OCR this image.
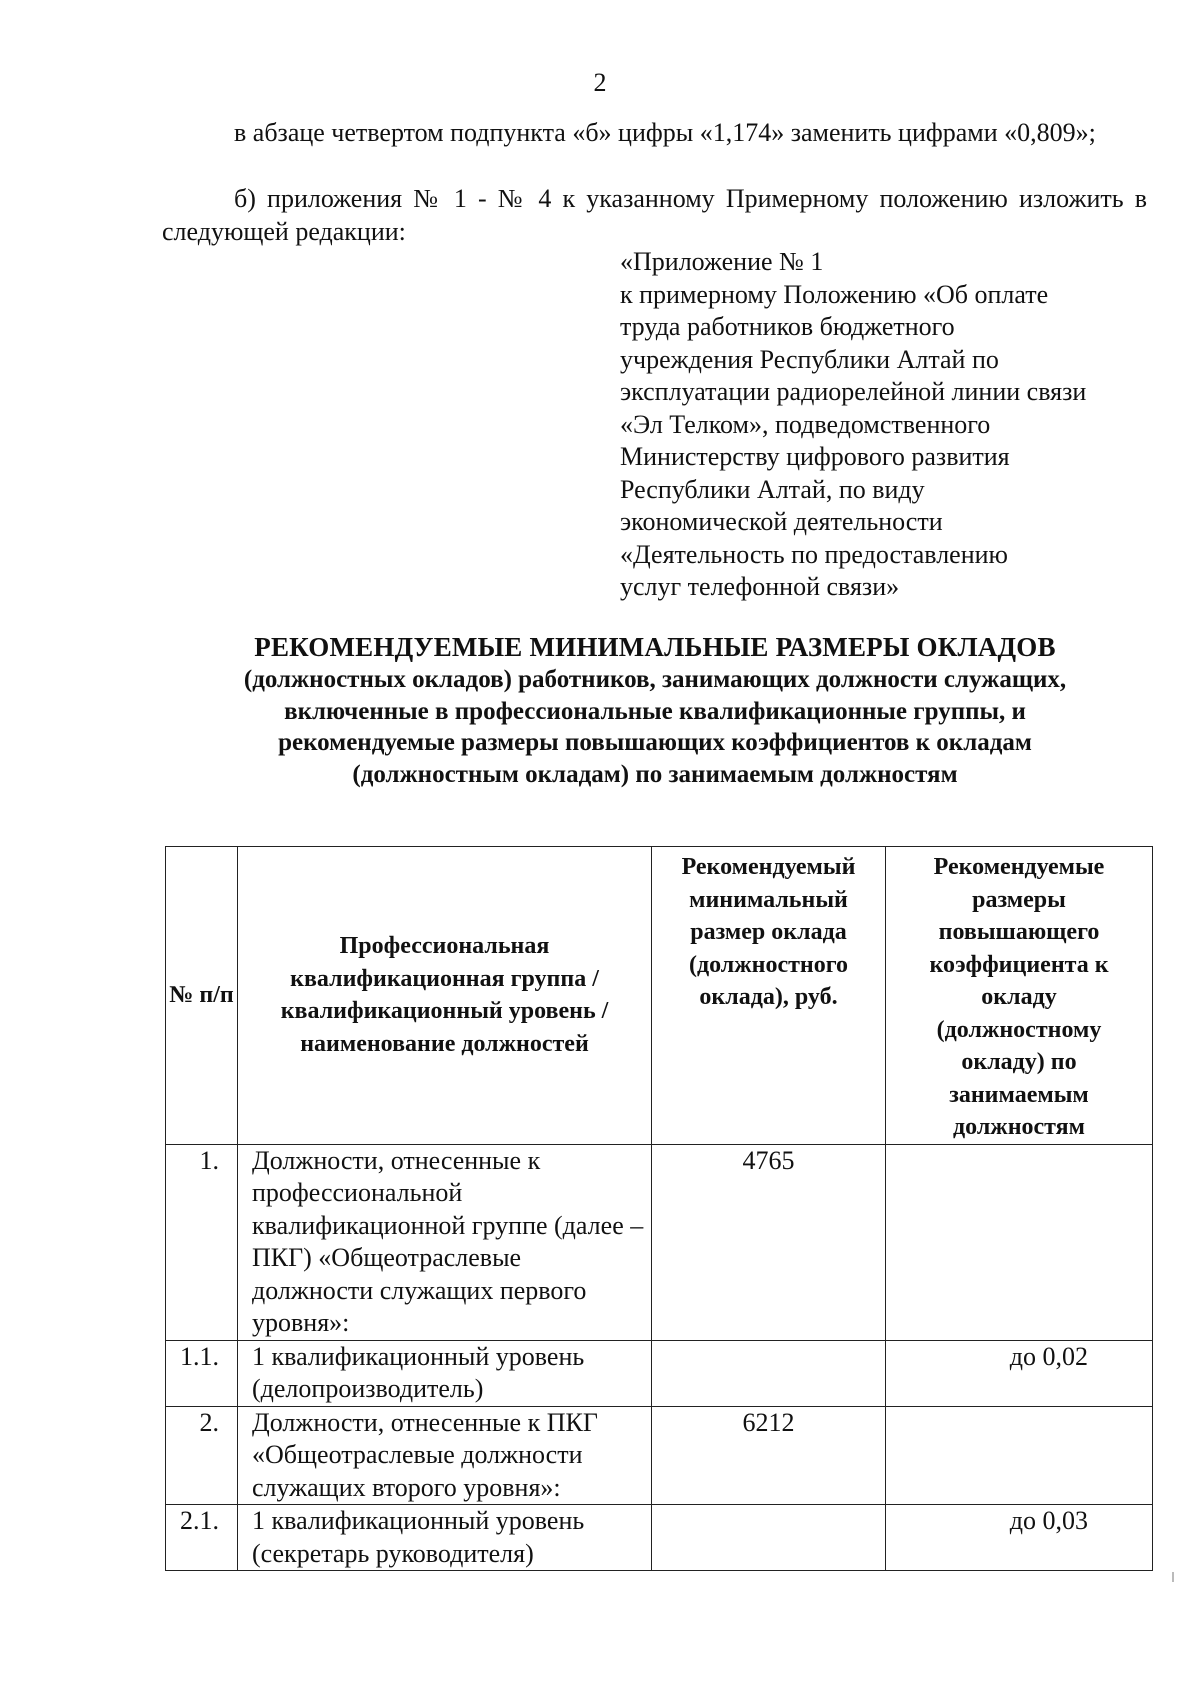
2
в абзаце четвертом подпункта «б» цифры «1,174» заменить цифрами «0,809»;
б) приложения № 1 - № 4 к указанному Примерному положению изложить в следующей редакции:
«Приложение № 1
к примерному Положению «Об оплате
труда работников бюджетного
учреждения Республики Алтай по
эксплуатации радиорелейной линии связи
«Эл Телком», подведомственного
Министерству цифрового развития
Республики Алтай, по виду
экономической деятельности
«Деятельность по предоставлению
услуг телефонной связи»
РЕКОМЕНДУЕМЫЕ МИНИМАЛЬНЫЕ РАЗМЕРЫ ОКЛАДОВ
(должностных окладов) работников, занимающих должности служащих,
включенные в профессиональные квалификационные группы, и
рекомендуемые размеры повышающих коэффициентов к окладам
(должностным окладам) по занимаемым должностям
№ п/п	Профессиональная квалификационная группа / квалификационный уровень / наименование должностей	Рекомендуемый минимальный размер оклада (должностного оклада), руб.	Рекомендуемые размеры повышающего коэффициента к окладу (должностному окладу) по занимаемым должностям
1.	Должности, отнесенные к профессиональной квалификационной группе (далее – ПКГ) «Общеотраслевые должности служащих первого уровня»:	4765	
1.1.	1 квалификационный уровень (делопроизводитель)		до 0,02
2.	Должности, отнесенные к ПКГ «Общеотраслевые должности служащих второго уровня»:	6212	
2.1.	1 квалификационный уровень (секретарь руководителя)		до 0,03
